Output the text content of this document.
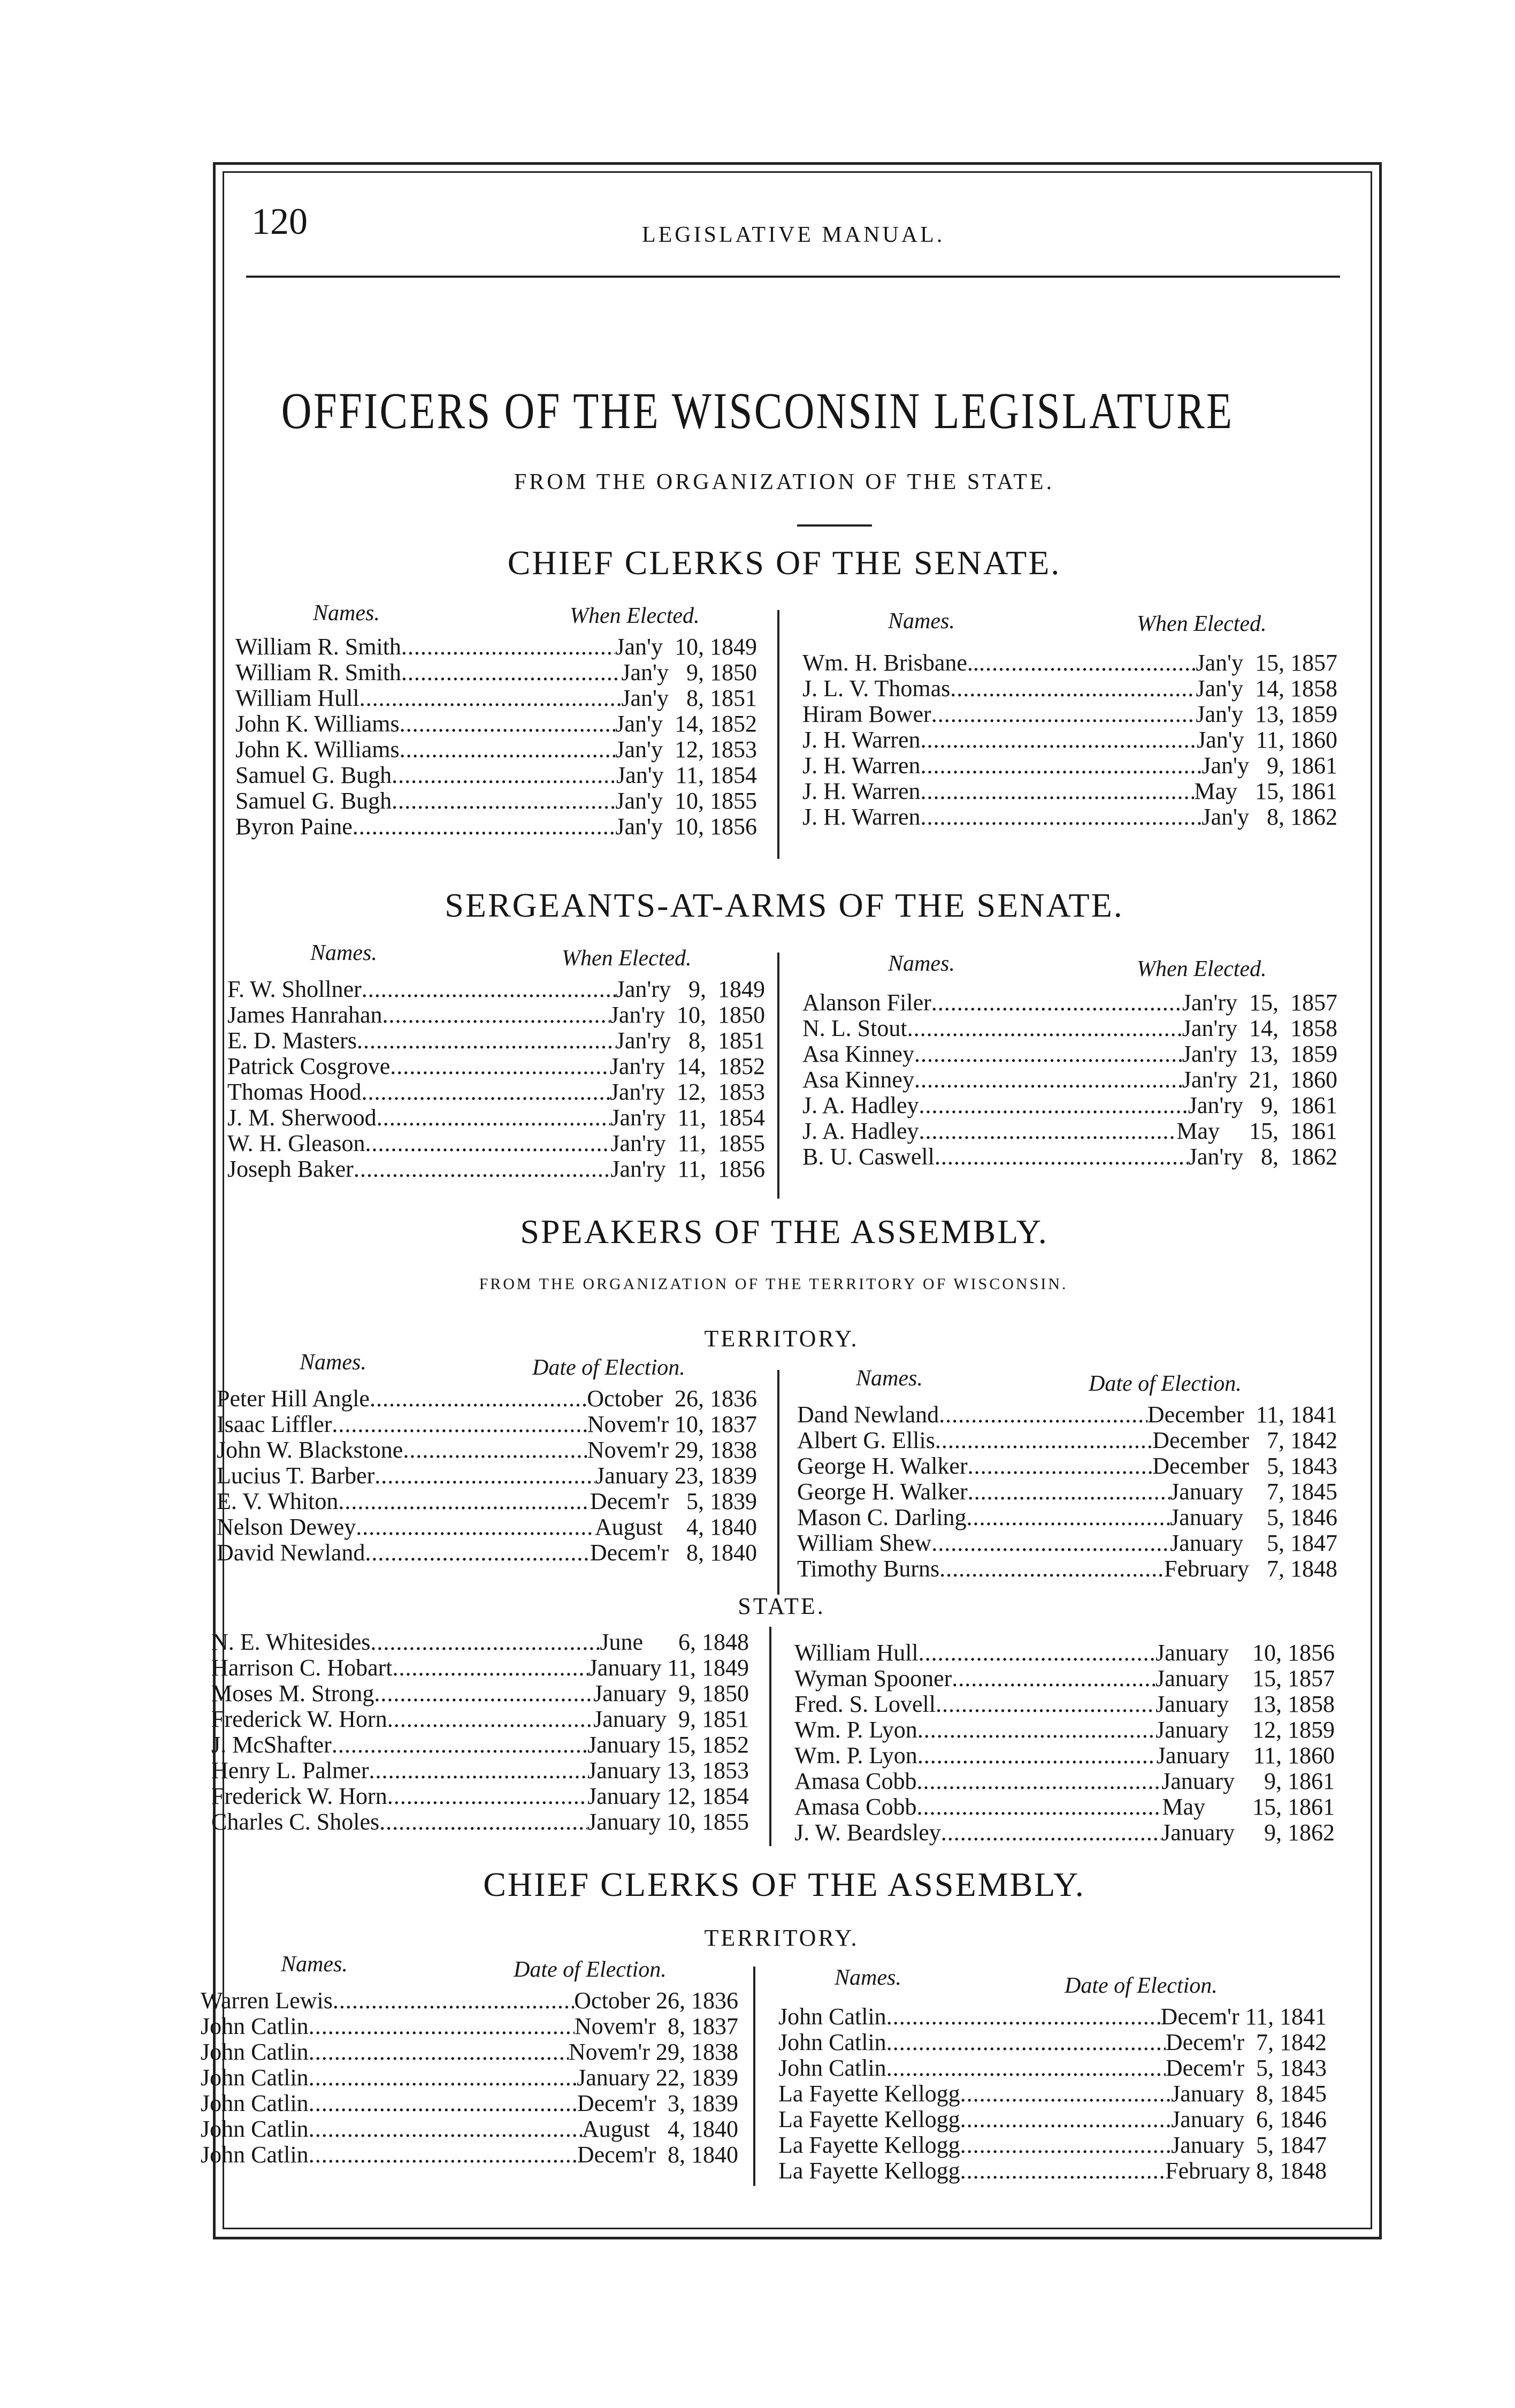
120	LEGISLATIVE MANUAL.
OFFICERS OF THE WISCONSIN LEGISLATURE
FROM THE ORGANIZATION OF THE STATE.
CHIEF CLERKS OF THE SENATE.
Names.	When Elected.	Names.	When Elected.
William R. Smith .....	Jan'y  10, 1849
William R. Smith .....	Jan'y   9, 1850
William Hull .....	Jan'y   8, 1851
John K. Williams .....	Jan'y  14, 1852
John K. Williams .....	Jan'y  12, 1853
Samuel G. Bugh .....	Jan'y  11, 1854
Samuel G. Bugh .....	Jan'y  10, 1855
Byron Paine .....	Jan'y  10, 1856
Wm. H. Brisbane.. .....	Jan'y  15, 1857
J. L. V. Thomas .....	Jan'y  14, 1858
Hiram Bower .....	Jan'y  13, 1859
J. H. Warren .....	Jan'y  11, 1860
J. H. Warren .....	Jan'y   9, 1861
J. H. Warren .....	May   15, 1861
J. H. Warren .....	Jan'y   8, 1862
SERGEANTS-AT-ARMS OF THE SENATE.
Names.	When Elected.	Names.	When Elected.
F. W. Shollner .....	Jan'ry   9,  1849
James Hanrahan .....	Jan'ry  10,  1850
E. D. Masters .....	Jan'ry   8,  1851
Patrick Cosgrove .....	Jan'ry  14,  1852
Thomas Hood .....	Jan'ry  12,  1853
J. M. Sherwood .....	Jan'ry  11,  1854
W. H. Gleason .....	Jan'ry  11,  1855
Joseph Baker .....	Jan'ry  11,  1856
Alanson Filer .....	Jan'ry  15,  1857
N. L. Stout .....	Jan'ry  14,  1858
Asa Kinney .....	Jan'ry  13,  1859
Asa Kinney .....	Jan'ry  21,  1860
J. A. Hadley .....	Jan'ry   9,  1861
J. A. Hadley .....	May     15,  1861
B. U. Caswell .....	Jan'ry   8,  1862
SPEAKERS OF THE ASSEMBLY.
FROM THE ORGANIZATION OF THE TERRITORY OF WISCONSIN.
TERRITORY.
Names.	Date of Election.	Names.	Date of Election.
Peter Hill Angle .....	October  26, 1836
Isaac Liffler .....	Novem'r 10, 1837
John W. Blackstone .....	Novem'r 29, 1838
Lucius T. Barber .....	January 23, 1839
E. V. Whiton .....	Decem'r   5, 1839
Nelson Dewey .....	August    4, 1840
David Newland .....	Decem'r   8, 1840
Dand Newland .....	December  11, 1841
Albert G. Ellis .....	December   7, 1842
George H. Walker .....	December   5, 1843
George H. Walker .....	January    7, 1845
Mason C. Darling .....	January    5, 1846
William Shew .....	January    5, 1847
Timothy Burns .....	February   7, 1848
STATE.
N. E. Whitesides .....	June      6, 1848
Harrison C. Hobart .....	January 11, 1849
Moses M. Strong .....	January  9, 1850
Frederick W. Horn .....	January  9, 1851
J. McShafter .....	January 15, 1852
Henry L. Palmer .....	January 13, 1853
Frederick W. Horn .....	January 12, 1854
Charles C. Sholes .....	January 10, 1855
William Hull .....	January    10, 1856
Wyman Spooner .....	January    15, 1857
Fred. S. Lovell .....	January    13, 1858
Wm. P. Lyon .....	January    12, 1859
Wm. P. Lyon .....	January    11, 1860
Amasa Cobb .....	January     9, 1861
Amasa Cobb .....	May        15, 1861
J. W. Beardsley .....	January     9, 1862
CHIEF CLERKS OF THE ASSEMBLY.
TERRITORY.
Names.	Date of Election.	Names.	Date of Election.
Warren Lewis .....	October 26, 1836
John Catlin .....	Novem'r  8, 1837
John Catlin .....	Novem'r 29, 1838
John Catlin .....	January 22, 1839
John Catlin .....	Decem'r  3, 1839
John Catlin .....	August   4, 1840
John Catlin .....	Decem'r  8, 1840
John Catlin .....	Decem'r 11, 1841
John Catlin .....	Decem'r  7, 1842
John Catlin .....	Decem'r  5, 1843
La Fayette Kellogg .....	January  8, 1845
La Fayette Kellogg .....	January  6, 1846
La Fayette Kellogg .....	January  5, 1847
La Fayette Kellogg .....	February 8, 1848
